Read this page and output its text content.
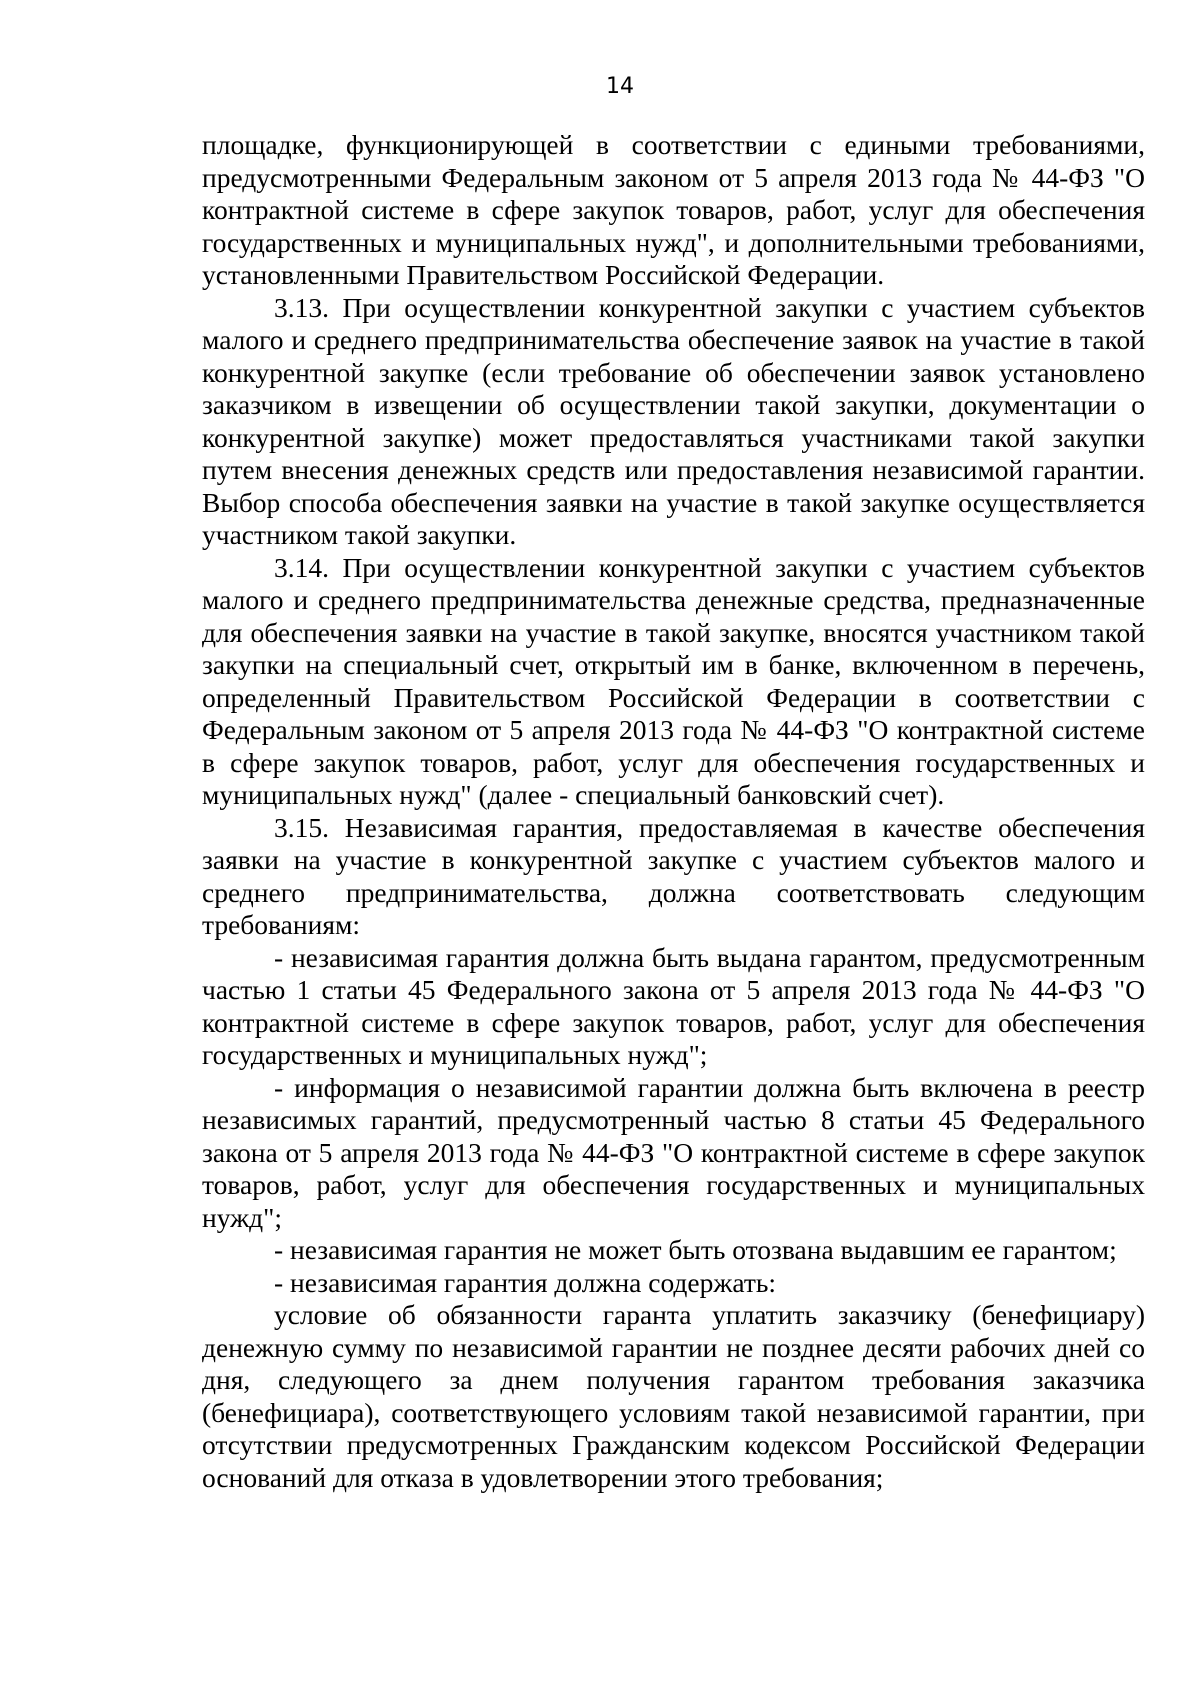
14

площадке, функционирующей в соответствии с едиными требованиями, предусмотренными Федеральным законом от 5 апреля 2013 года № 44-ФЗ "О контрактной системе в сфере закупок товаров, работ, услуг для обеспечения государственных и муниципальных нужд", и дополнительными требованиями, установленными Правительством Российской Федерации.

3.13. При осуществлении конкурентной закупки с участием субъектов малого и среднего предпринимательства обеспечение заявок на участие в такой конкурентной закупке (если требование об обеспечении заявок установлено заказчиком в извещении об осуществлении такой закупки, документации о конкурентной закупке) может предоставляться участниками такой закупки путем внесения денежных средств или предоставления независимой гарантии. Выбор способа обеспечения заявки на участие в такой закупке осуществляется участником такой закупки.

3.14. При осуществлении конкурентной закупки с участием субъектов малого и среднего предпринимательства денежные средства, предназначенные для обеспечения заявки на участие в такой закупке, вносятся участником такой закупки на специальный счет, открытый им в банке, включенном в перечень, определенный Правительством Российской Федерации в соответствии с Федеральным законом от 5 апреля 2013 года № 44-ФЗ "О контрактной системе в сфере закупок товаров, работ, услуг для обеспечения государственных и муниципальных нужд" (далее - специальный банковский счет).

3.15. Независимая гарантия, предоставляемая в качестве обеспечения заявки на участие в конкурентной закупке с участием субъектов малого и среднего предпринимательства, должна соответствовать следующим требованиям:

- независимая гарантия должна быть выдана гарантом, предусмотренным частью 1 статьи 45 Федерального закона от 5 апреля 2013 года № 44-ФЗ "О контрактной системе в сфере закупок товаров, работ, услуг для обеспечения государственных и муниципальных нужд";

- информация о независимой гарантии должна быть включена в реестр независимых гарантий, предусмотренный частью 8 статьи 45 Федерального закона от 5 апреля 2013 года № 44-ФЗ "О контрактной системе в сфере закупок товаров, работ, услуг для обеспечения государственных и муниципальных нужд";

- независимая гарантия не может быть отозвана выдавшим ее гарантом;

- независимая гарантия должна содержать:

условие об обязанности гаранта уплатить заказчику (бенефициару) денежную сумму по независимой гарантии не позднее десяти рабочих дней со дня, следующего за днем получения гарантом требования заказчика (бенефициара), соответствующего условиям такой независимой гарантии, при отсутствии предусмотренных Гражданским кодексом Российской Федерации оснований для отказа в удовлетворении этого требования;
